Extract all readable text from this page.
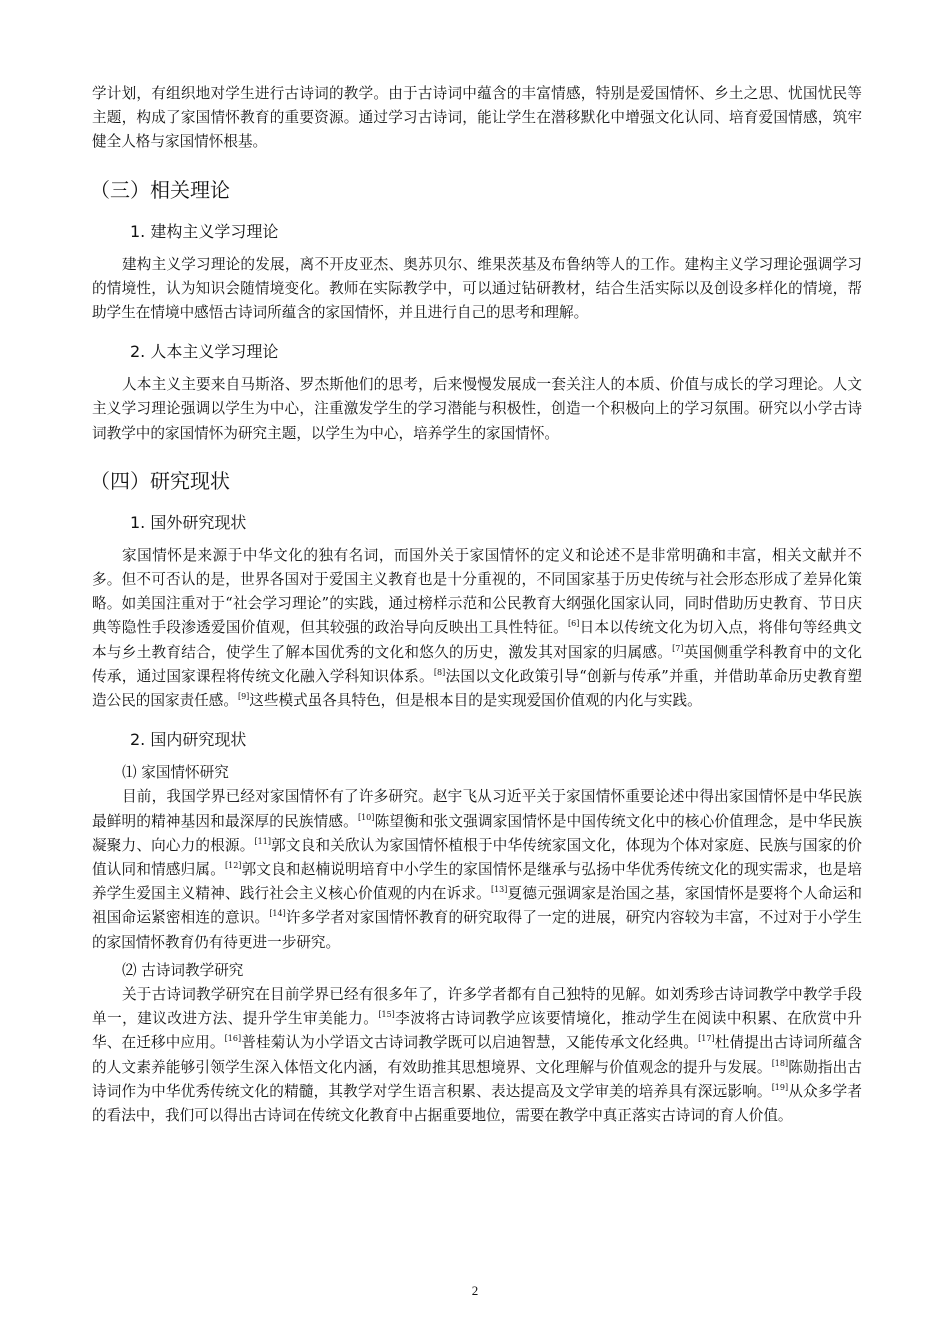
学计划，有组织地对学生进行古诗词的教学。由于古诗词中蕴含的丰富情感，特别是爱国情怀、乡土之思、忧国忧民等主题，构成了家国情怀教育的重要资源。通过学习古诗词，能让学生在潜移默化中增强文化认同、培育爱国情感，筑牢健全人格与家国情怀根基。

（三）相关理论
1. 建构主义学习理论

建构主义学习理论的发展，离不开皮亚杰、奥苏贝尔、维果茨基及布鲁纳等人的工作。建构主义学习理论强调学习的情境性，认为知识会随情境变化。教师在实际教学中，可以通过钻研教材，结合生活实际以及创设多样化的情境，帮助学生在情境中感悟古诗词所蕴含的家国情怀，并且进行自己的思考和理解。

2. 人本主义学习理论

人本主义主要来自马斯洛、罗杰斯他们的思考，后来慢慢发展成一套关注人的本质、价值与成长的学习理论。人文主义学习理论强调以学生为中心，注重激发学生的学习潜能与积极性，创造一个积极向上的学习氛围。研究以小学古诗词教学中的家国情怀为研究主题，以学生为中心，培养学生的家国情怀。

（四）研究现状
1. 国外研究现状

家国情怀是来源于中华文化的独有名词，而国外关于家国情怀的定义和论述不是非常明确和丰富，相关文献并不多。但不可否认的是，世界各国对于爱国主义教育也是十分重视的，不同国家基于历史传统与社会形态形成了差异化策略。如美国注重对于“社会学习理论”的实践，通过榜样示范和公民教育大纲强化国家认同，同时借助历史教育、节日庆典等隐性手段渗透爱国价值观，但其较强的政治导向反映出工具性特征。[6]日本以传统文化为切入点，将俳句等经典文本与乡土教育结合，使学生了解本国优秀的文化和悠久的历史，激发其对国家的归属感。[7]英国侧重学科教育中的文化传承，通过国家课程将传统文化融入学科知识体系。[8]法国以文化政策引导“创新与传承”并重，并借助革命历史教育塑造公民的国家责任感。[9]这些模式虽各具特色，但是根本目的是实现爱国价值观的内化与实践。

2. 国内研究现状
⑴ 家国情怀研究

目前，我国学界已经对家国情怀有了许多研究。赵宇飞从习近平关于家国情怀重要论述中得出家国情怀是中华民族最鲜明的精神基因和最深厚的民族情感。[10]陈望衡和张文强调家国情怀是中国传统文化中的核心价值理念，是中华民族凝聚力、向心力的根源。[11]郭文良和关欣认为家国情怀植根于中华传统家国文化，体现为个体对家庭、民族与国家的价值认同和情感归属。[12]郭文良和赵楠说明培育中小学生的家国情怀是继承与弘扬中华优秀传统文化的现实需求，也是培养学生爱国主义精神、践行社会主义核心价值观的内在诉求。[13]夏德元强调家是治国之基，家国情怀是要将个人命运和祖国命运紧密相连的意识。[14]许多学者对家国情怀教育的研究取得了一定的进展，研究内容较为丰富，不过对于小学生的家国情怀教育仍有待更进一步研究。

⑵ 古诗词教学研究

关于古诗词教学研究在目前学界已经有很多年了，许多学者都有自己独特的见解。如刘秀珍古诗词教学中教学手段单一，建议改进方法、提升学生审美能力。[15]李波将古诗词教学应该要情境化，推动学生在阅读中积累、在欣赏中升华、在迁移中应用。[16]普桂菊认为小学语文古诗词教学既可以启迪智慧，又能传承文化经典。[17]杜倩提出古诗词所蕴含的人文素养能够引领学生深入体悟文化内涵，有效助推其思想境界、文化理解与价值观念的提升与发展。[18]陈勋指出古诗词作为中华优秀传统文化的精髓，其教学对学生语言积累、表达提高及文学审美的培养具有深远影响。[19]从众多学者的看法中，我们可以得出古诗词在传统文化教育中占据重要地位，需要在教学中真正落实古诗词的育人价值。

2
